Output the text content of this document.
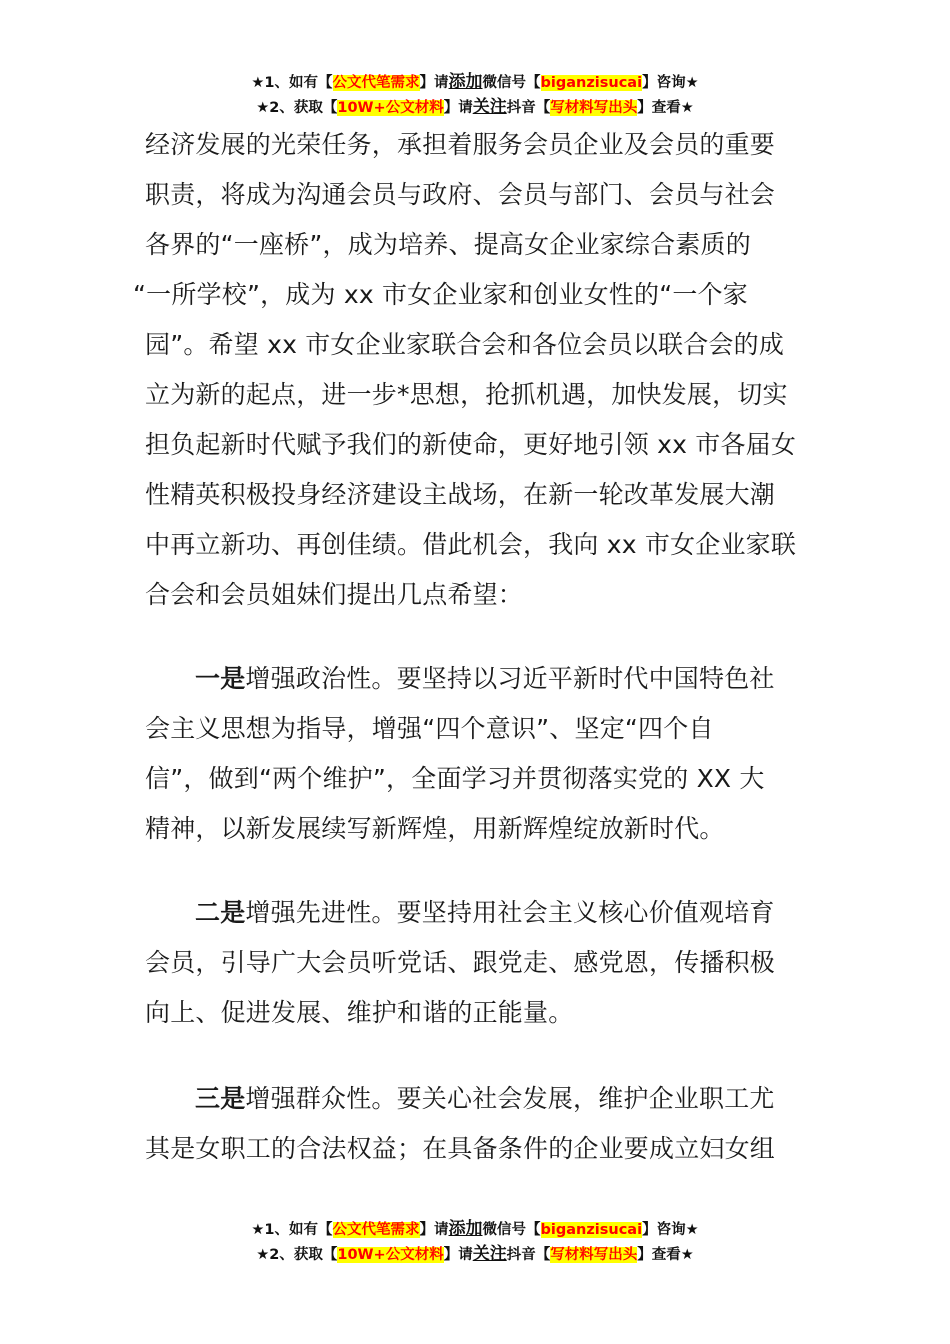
★1、如有【公文代笔需求】请添加微信号【biganzisucai】咨询★
★2、获取【10W+公文材料】请关注抖音【写材料写出头】查看★
经济发展的光荣任务，承担着服务会员企业及会员的重要
职责，将成为沟通会员与政府、会员与部门、会员与社会
各界的“一座桥”，成为培养、提高女企业家综合素质的
“一所学校”，成为 xx 市女企业家和创业女性的“一个家
园”。希望 xx 市女企业家联合会和各位会员以联合会的成
立为新的起点，进一步*思想，抢抓机遇，加快发展，切实
担负起新时代赋予我们的新使命，更好地引领 xx 市各届女
性精英积极投身经济建设主战场，在新一轮改革发展大潮
中再立新功、再创佳绩。借此机会，我向 xx 市女企业家联
合会和会员姐妹们提出几点希望：
一是增强政治性。要坚持以习近平新时代中国特色社
会主义思想为指导，增强“四个意识”、坚定“四个自
信”，做到“两个维护”，全面学习并贯彻落实党的 XX 大
精神，以新发展续写新辉煌，用新辉煌绽放新时代。
二是增强先进性。要坚持用社会主义核心价值观培育
会员，引导广大会员听党话、跟党走、感党恩，传播积极
向上、促进发展、维护和谐的正能量。
三是增强群众性。要关心社会发展，维护企业职工尤
其是女职工的合法权益；在具备条件的企业要成立妇女组
★1、如有【公文代笔需求】请添加微信号【biganzisucai】咨询★
★2、获取【10W+公文材料】请关注抖音【写材料写出头】查看★
